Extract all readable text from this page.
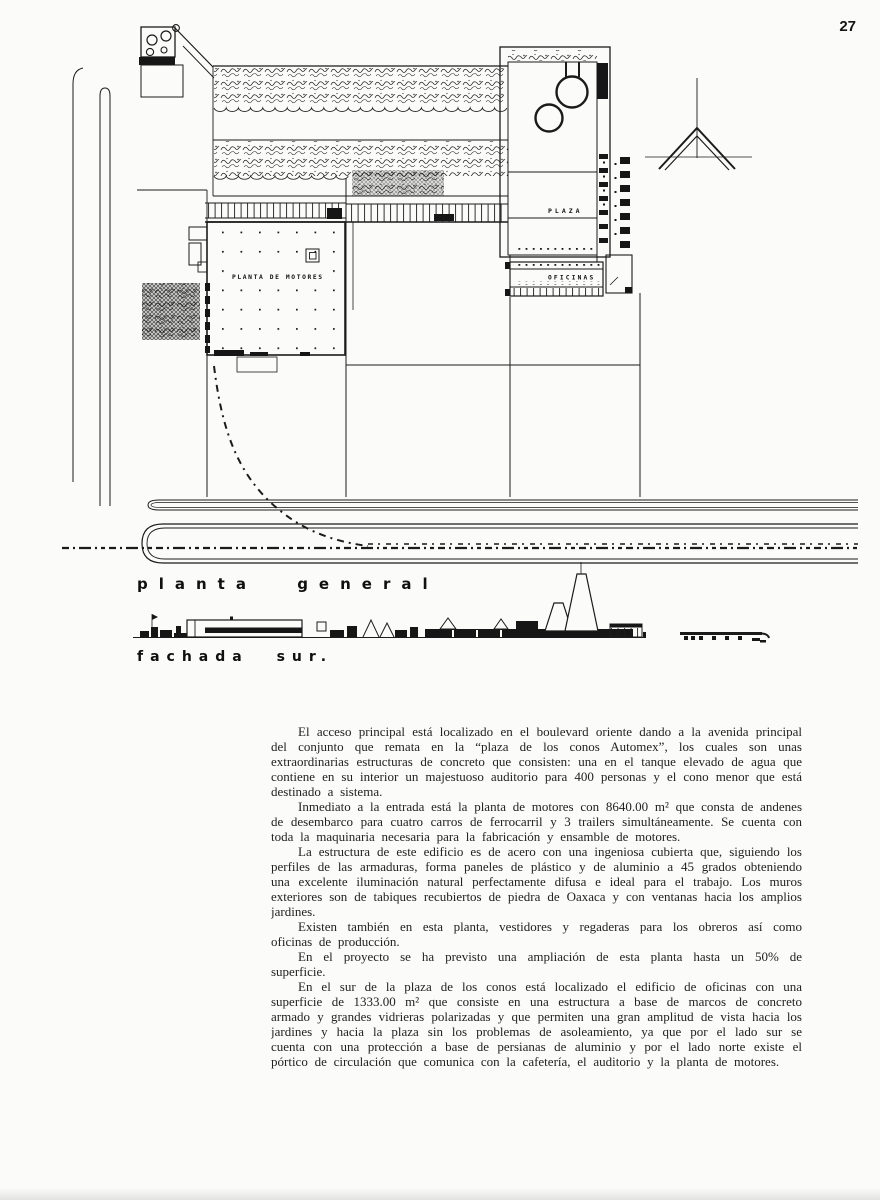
27
PLANTA DE MOTORES
PLAZA
OFICINAS
planta general
fachada sur.

El acceso principal está localizado en el boulevard oriente dando a la avenida principal del conjunto que remata en la “plaza de los conos Automex”, los cuales son unas extraordinarias estructuras de concreto que consisten: una en el tanque elevado de agua que contiene en su interior un majestuoso auditorio para 400 personas y el cono menor que está destinado a sistema.

Inmediato a la entrada está la planta de motores con 8640.00 m² que consta de andenes de desembarco para cuatro carros de ferrocarril y 3 trailers simultáneamente. Se cuenta con toda la maquinaria necesaria para la fabricación y ensamble de motores.

La estructura de este edificio es de acero con una ingeniosa cubierta que, siguiendo los perfiles de las armaduras, forma paneles de plástico y de aluminio a 45 grados obteniendo una excelente iluminación natural perfectamente difusa e ideal para el trabajo. Los muros exteriores son de tabiques recubiertos de piedra de Oaxaca y con ventanas hacia los amplios jardines.

Existen también en esta planta, vestidores y regaderas para los obreros así como oficinas de producción.

En el proyecto se ha previsto una ampliación de esta planta hasta un 50% de superficie.

En el sur de la plaza de los conos está localizado el edificio de oficinas con una superficie de 1333.00 m² que consiste en una estructura a base de marcos de concreto armado y grandes vidrieras polarizadas y que permiten una gran amplitud de vista hacia los jardines y hacia la plaza sin los problemas de asoleamiento, ya que por el lado sur se cuenta con una protección a base de persianas de aluminio y por el lado norte existe el pórtico de circulación que comunica con la cafetería, el auditorio y la planta de motores.
